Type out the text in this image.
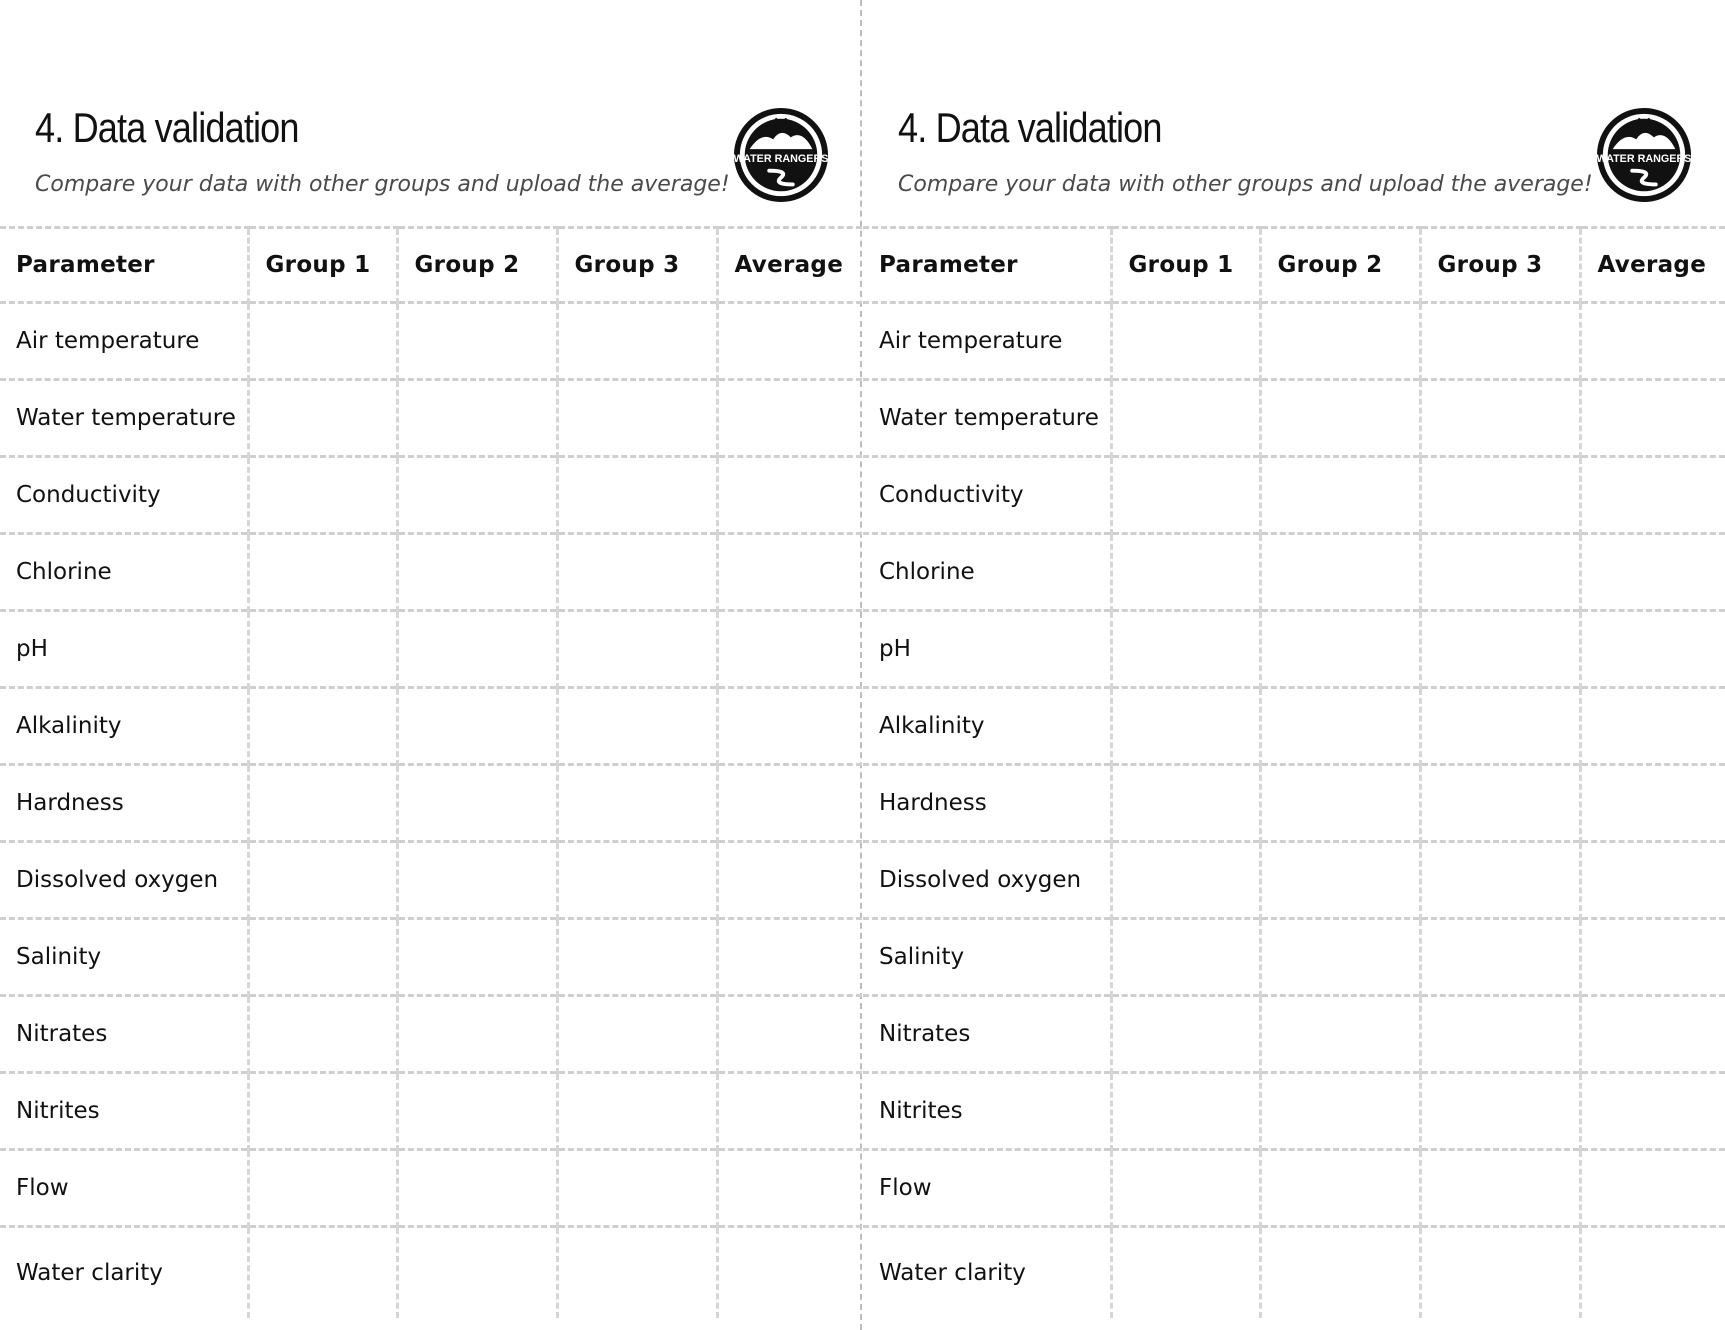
4. Data validation

Compare your data with other groups and upload the average!

WATER RANGERS
Parameter	Group 1	Group 2	Group 3	Average
Air temperature				
Water temperature				
Conductivity				
Chlorine				
pH				
Alkalinity				
Hardness				
Dissolved oxygen				
Salinity				
Nitrates				
Nitrites				
Flow				
Water clarity				
4. Data validation

Compare your data with other groups and upload the average!

WATER RANGERS
Parameter	Group 1	Group 2	Group 3	Average
Air temperature				
Water temperature				
Conductivity				
Chlorine				
pH				
Alkalinity				
Hardness				
Dissolved oxygen				
Salinity				
Nitrates				
Nitrites				
Flow				
Water clarity				
